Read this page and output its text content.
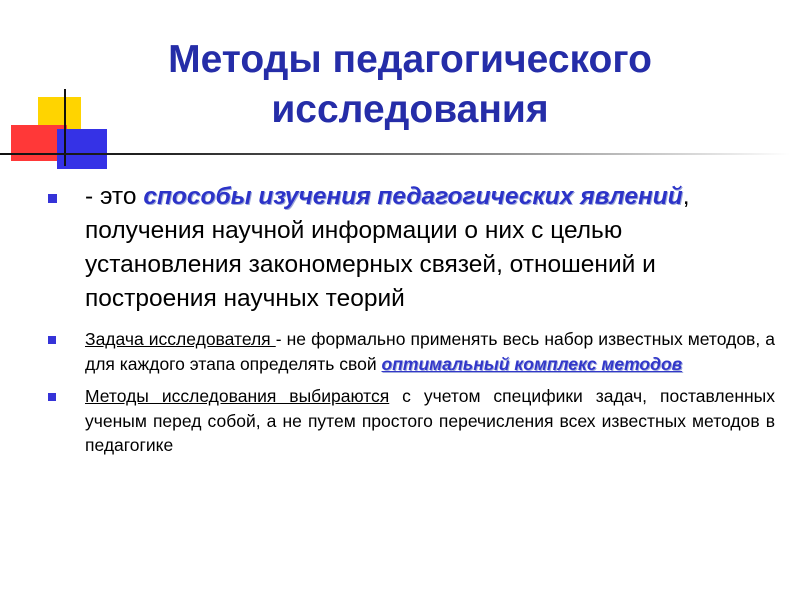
Методы педагогического
исследования
- это способы изучения педагогических явлений, получения научной информации о них с целью установления закономерных связей, отношений и построения научных теорий
Задача исследователя - не формально применять весь набор известных методов, а для каждого этапа определять свой оптимальный комплекс методов
Методы исследования выбираются с учетом специфики задач, поставленных ученым перед собой, а не путем простого перечисления всех известных методов в педагогике
